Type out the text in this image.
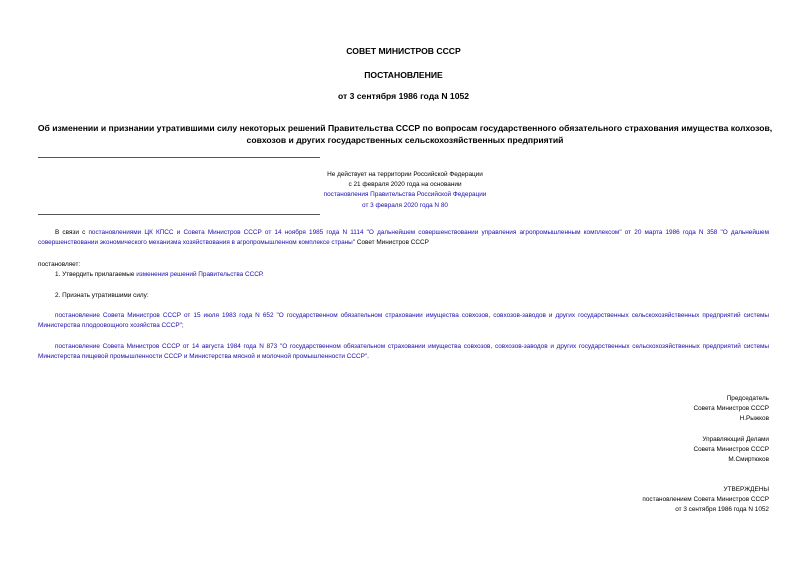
СОВЕТ МИНИСТРОВ СССР
ПОСТАНОВЛЕНИЕ
от 3 сентября 1986 года N 1052
Об изменении и признании утратившими силу некоторых решений Правительства СССР по вопросам государственного обязательного страхования имущества колхозов, совхозов и других государственных сельскохозяйственных предприятий
Не действует на территории Российской Федерации
с 21 февраля 2020 года на основании
постановления Правительства Российской Федерации
от 3 февраля 2020 года N 80
В связи с постановлениями ЦК КПСС и Совета Министров СССР от 14 ноября 1985 года N 1114 "О дальнейшем совершенствовании управления агропромышленным комплексом" от 20 марта 1986 года N 358 "О дальнейшем совершенствовании экономического механизма хозяйствования в агропромышленном комплексе страны" Совет Министров СССР
постановляет:
1. Утвердить прилагаемые изменения решений Правительства СССР.
2. Признать утратившими силу:
постановление Совета Министров СССР от 15 июля 1983 года N 652 "О государственном обязательном страховании имущества совхозов, совхозов-заводов и других государственных сельскохозяйственных предприятий системы Министерства плодоовощного хозяйства СССР";
постановление Совета Министров СССР от 14 августа 1984 года N 873 "О государственном обязательном страховании имущества совхозов, совхозов-заводов и других государственных сельскохозяйственных предприятий системы Министерства пищевой промышленности СССР и Министерства мясной и молочной промышленности СССР".
Председатель
Совета Министров СССР
Н.Рыжков
Управляющий Делами
Совета Министров СССР
М.Смиртюков
УТВЕРЖДЕНЫ
постановлением Совета Министров СССР
от 3 сентября 1986 года N 1052
